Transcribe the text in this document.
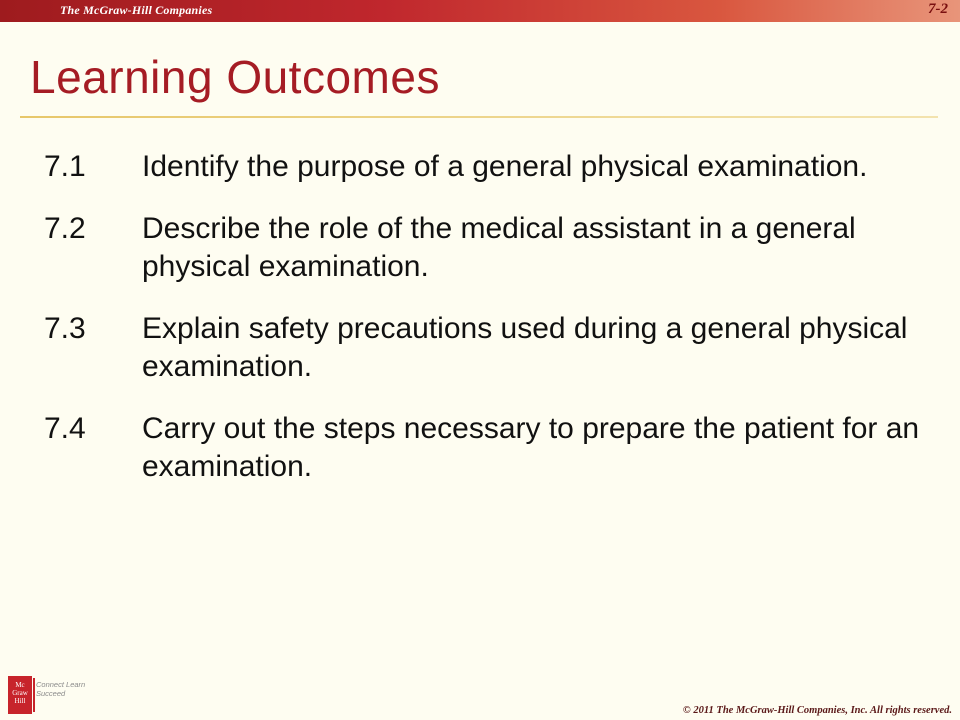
The McGraw-Hill Companies	7-2
Learning Outcomes
7.1	Identify the purpose of a general physical examination.
7.2	Describe the role of the medical assistant in a general physical examination.
7.3	Explain safety precautions used during a general physical examination.
7.4	Carry out the steps necessary to prepare the patient for an examination.
Mc Graw Hill
Connect Learn Succeed
© 2011 The McGraw-Hill Companies, Inc. All rights reserved.
